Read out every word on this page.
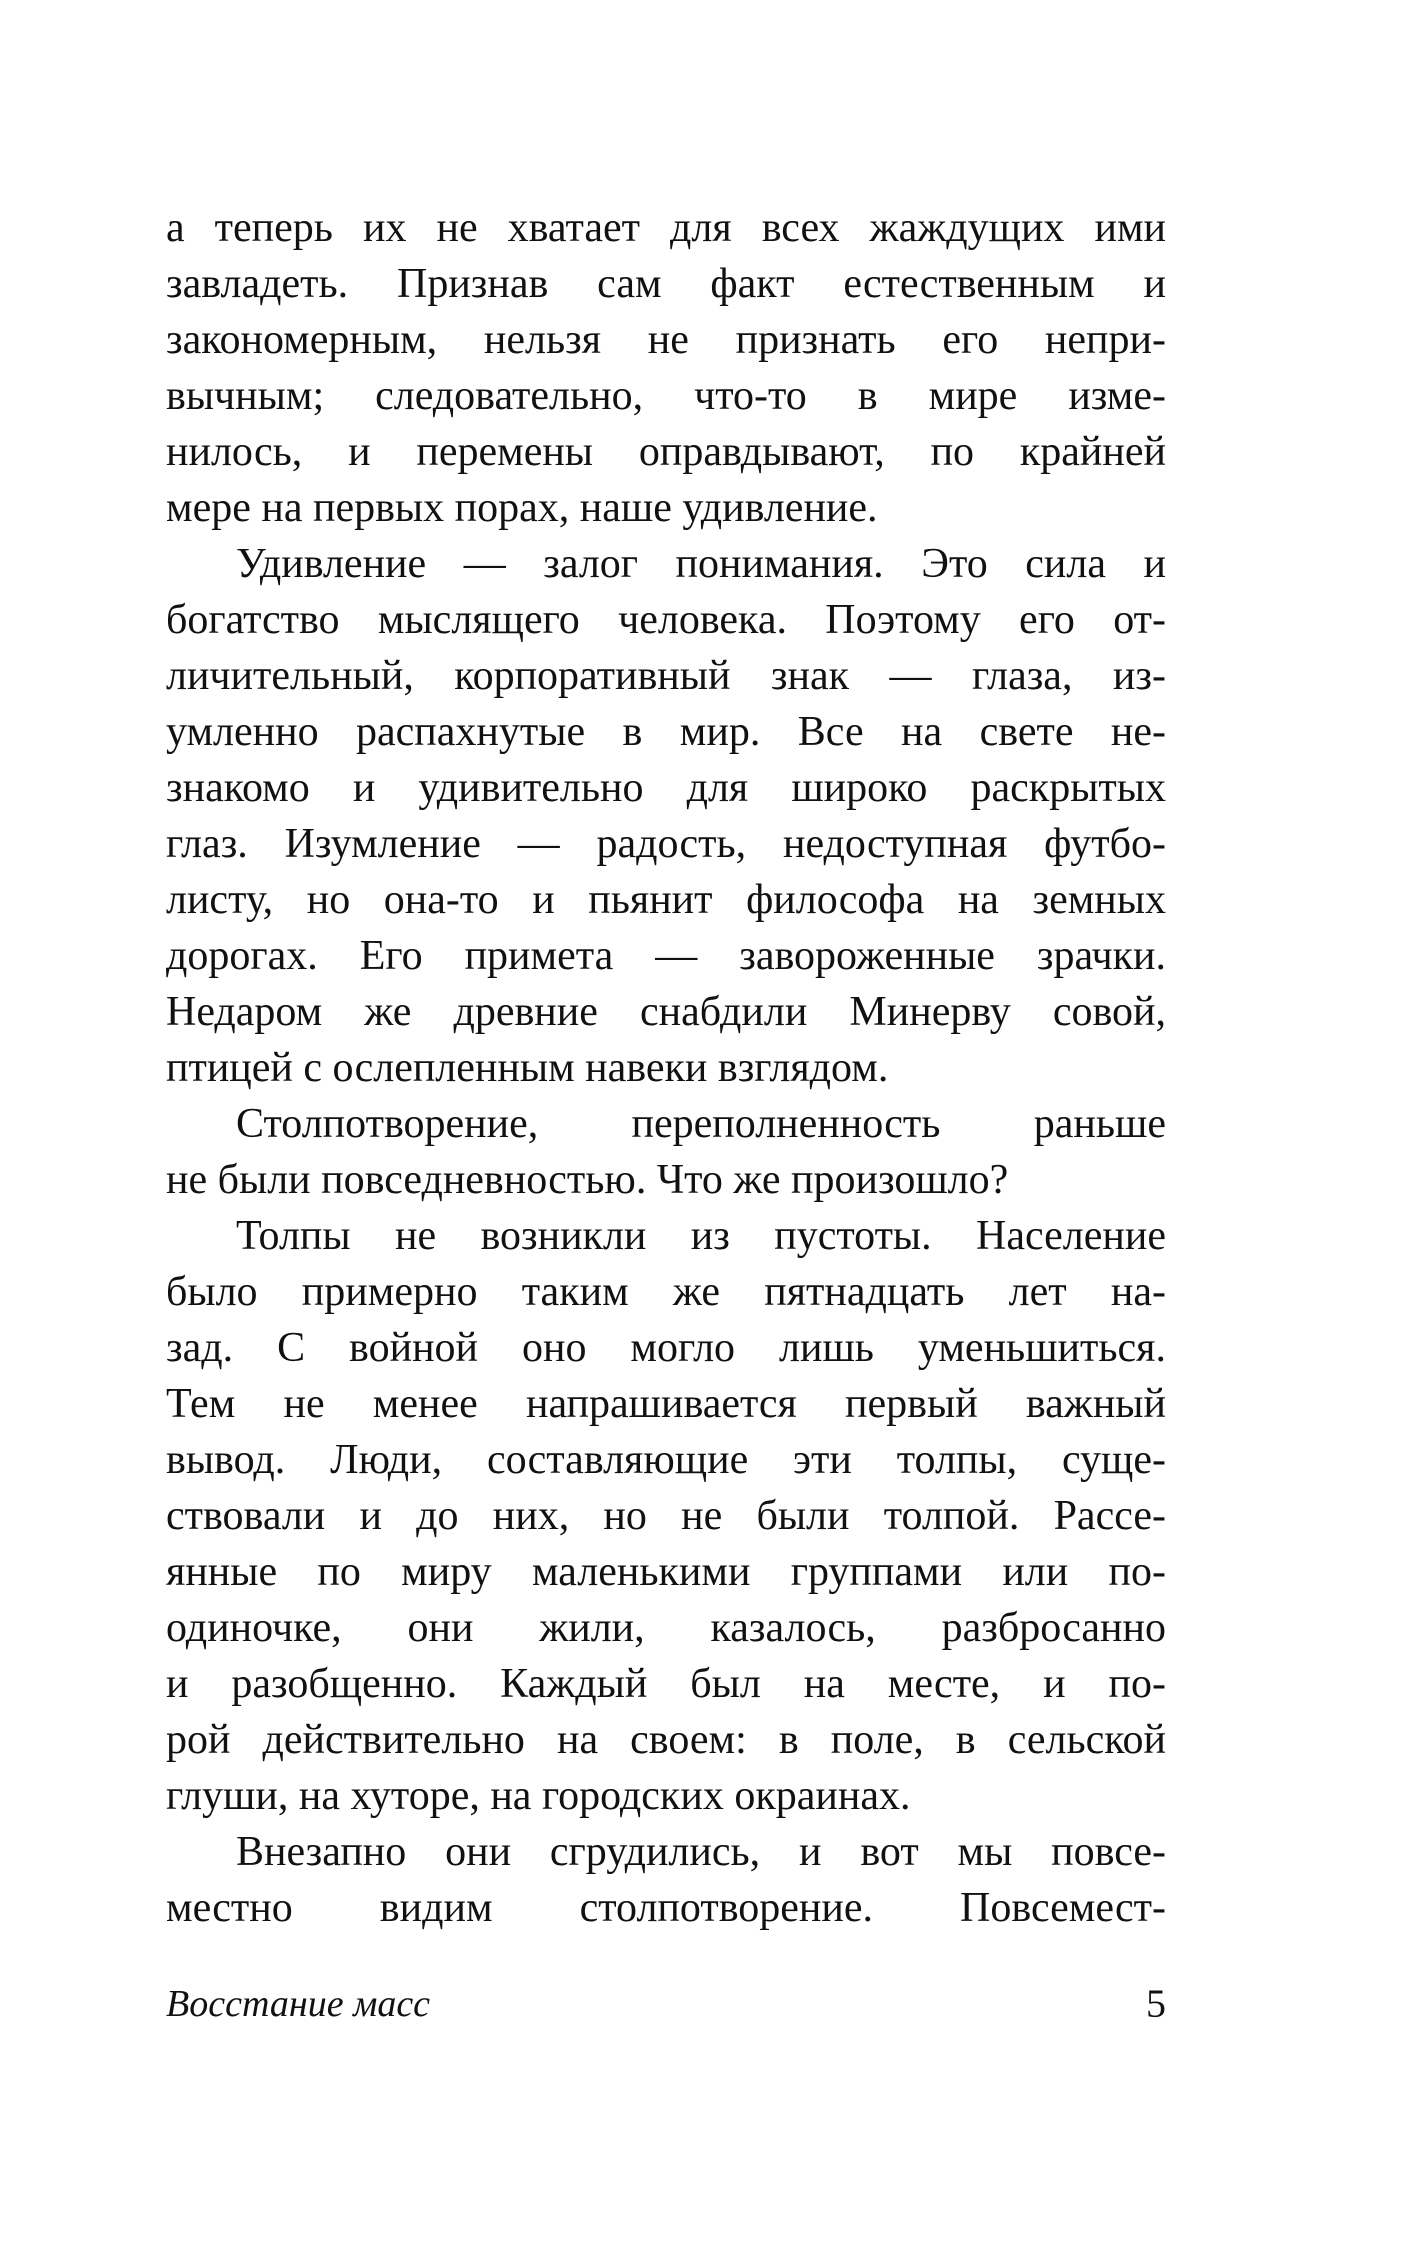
а теперь их не хватает для всех жаждущих ими
завладеть. Признав сам факт естественным и
закономерным, нельзя не признать его непри-
вычным; следовательно, что-то в мире изме-
нилось, и перемены оправдывают, по крайней
мере на первых порах, наше удивление.
Удивление — залог понимания. Это сила и
богатство мыслящего человека. Поэтому его от-
личительный, корпоративный знак — глаза, из-
умленно распахнутые в мир. Все на свете не-
знакомо и удивительно для широко раскрытых
глаз. Изумление — радость, недоступная футбо-
листу, но она-то и пьянит философа на земных
дорогах. Его примета — завороженные зрачки.
Недаром же древние снабдили Минерву совой,
птицей с ослепленным навеки взглядом.
Столпотворение, переполненность раньше
не были повседневностью. Что же произошло?
Толпы не возникли из пустоты. Население
было примерно таким же пятнадцать лет на-
зад. С войной оно могло лишь уменьшиться.
Тем не менее напрашивается первый важный
вывод. Люди, составляющие эти толпы, суще-
ствовали и до них, но не были толпой. Рассе-
янные по миру маленькими группами или по-
одиночке, они жили, казалось, разбросанно
и разобщенно. Каждый был на месте, и по-
рой действительно на своем: в поле, в сельской
глуши, на хуторе, на городских окраинах.
Внезапно они сгрудились, и вот мы повсе-
местно видим столпотворение. Повсемест-
Восстание масс	5
